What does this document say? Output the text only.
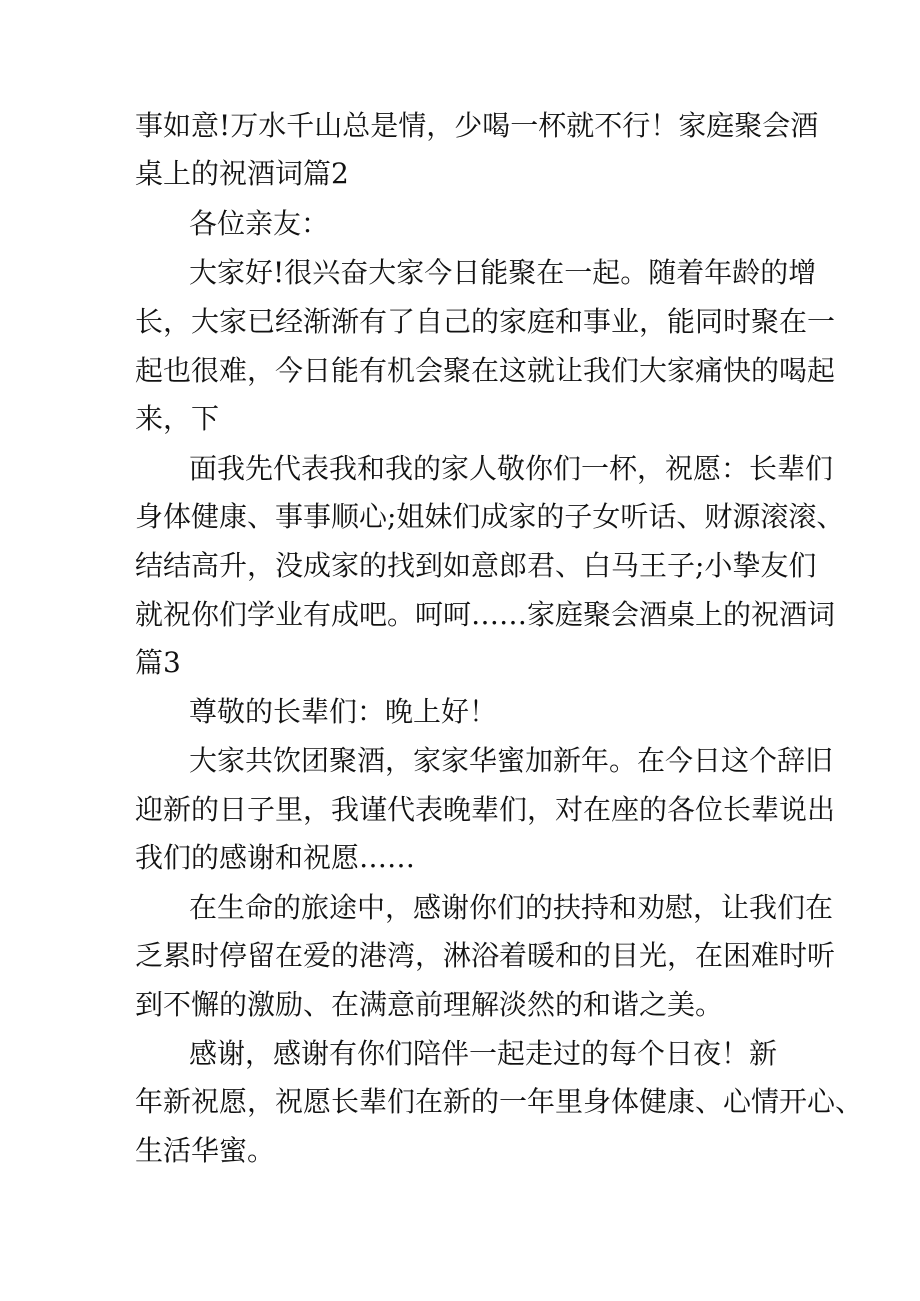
事如意!万水千山总是情，少喝一杯就不行！家庭聚会酒

桌上的祝酒词篇2

各位亲友：

大家好!很兴奋大家今日能聚在一起。随着年龄的增

长，大家已经渐渐有了自己的家庭和事业，能同时聚在一

起也很难，今日能有机会聚在这就让我们大家痛快的喝起

来，下

面我先代表我和我的家人敬你们一杯，祝愿：长辈们

身体健康、事事顺心;姐妹们成家的子女听话、财源滚滚、

结结高升，没成家的找到如意郎君、白马王子;小挚友们

就祝你们学业有成吧。呵呵……家庭聚会酒桌上的祝酒词

篇3

尊敬的长辈们：晚上好！

大家共饮团聚酒，家家华蜜加新年。在今日这个辞旧

迎新的日子里，我谨代表晚辈们，对在座的各位长辈说出

我们的感谢和祝愿……

在生命的旅途中，感谢你们的扶持和劝慰，让我们在

乏累时停留在爱的港湾，淋浴着暖和的目光，在困难时听

到不懈的激励、在满意前理解淡然的和谐之美。

感谢，感谢有你们陪伴一起走过的每个日夜！新

年新祝愿，祝愿长辈们在新的一年里身体健康、心情开心、

生活华蜜。
